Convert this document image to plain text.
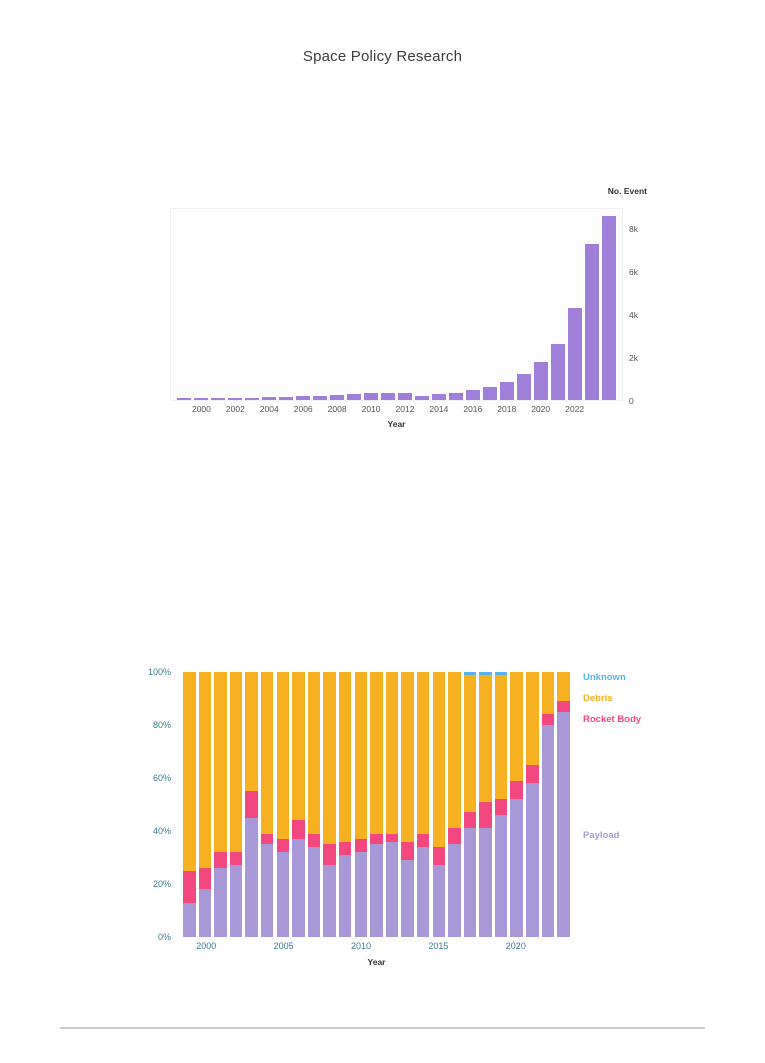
Space Policy Research
No. Event
0
2k
4k
6k
8k
2000 2002 2004 2006 2008 2010 2012 2014 2016 2018 2020 2022
Year
0%
20%
40%
60%
80%
100%
2000	2005	2010	2015	2020
Year
Unknown
Debris
Rocket Body
Payload
